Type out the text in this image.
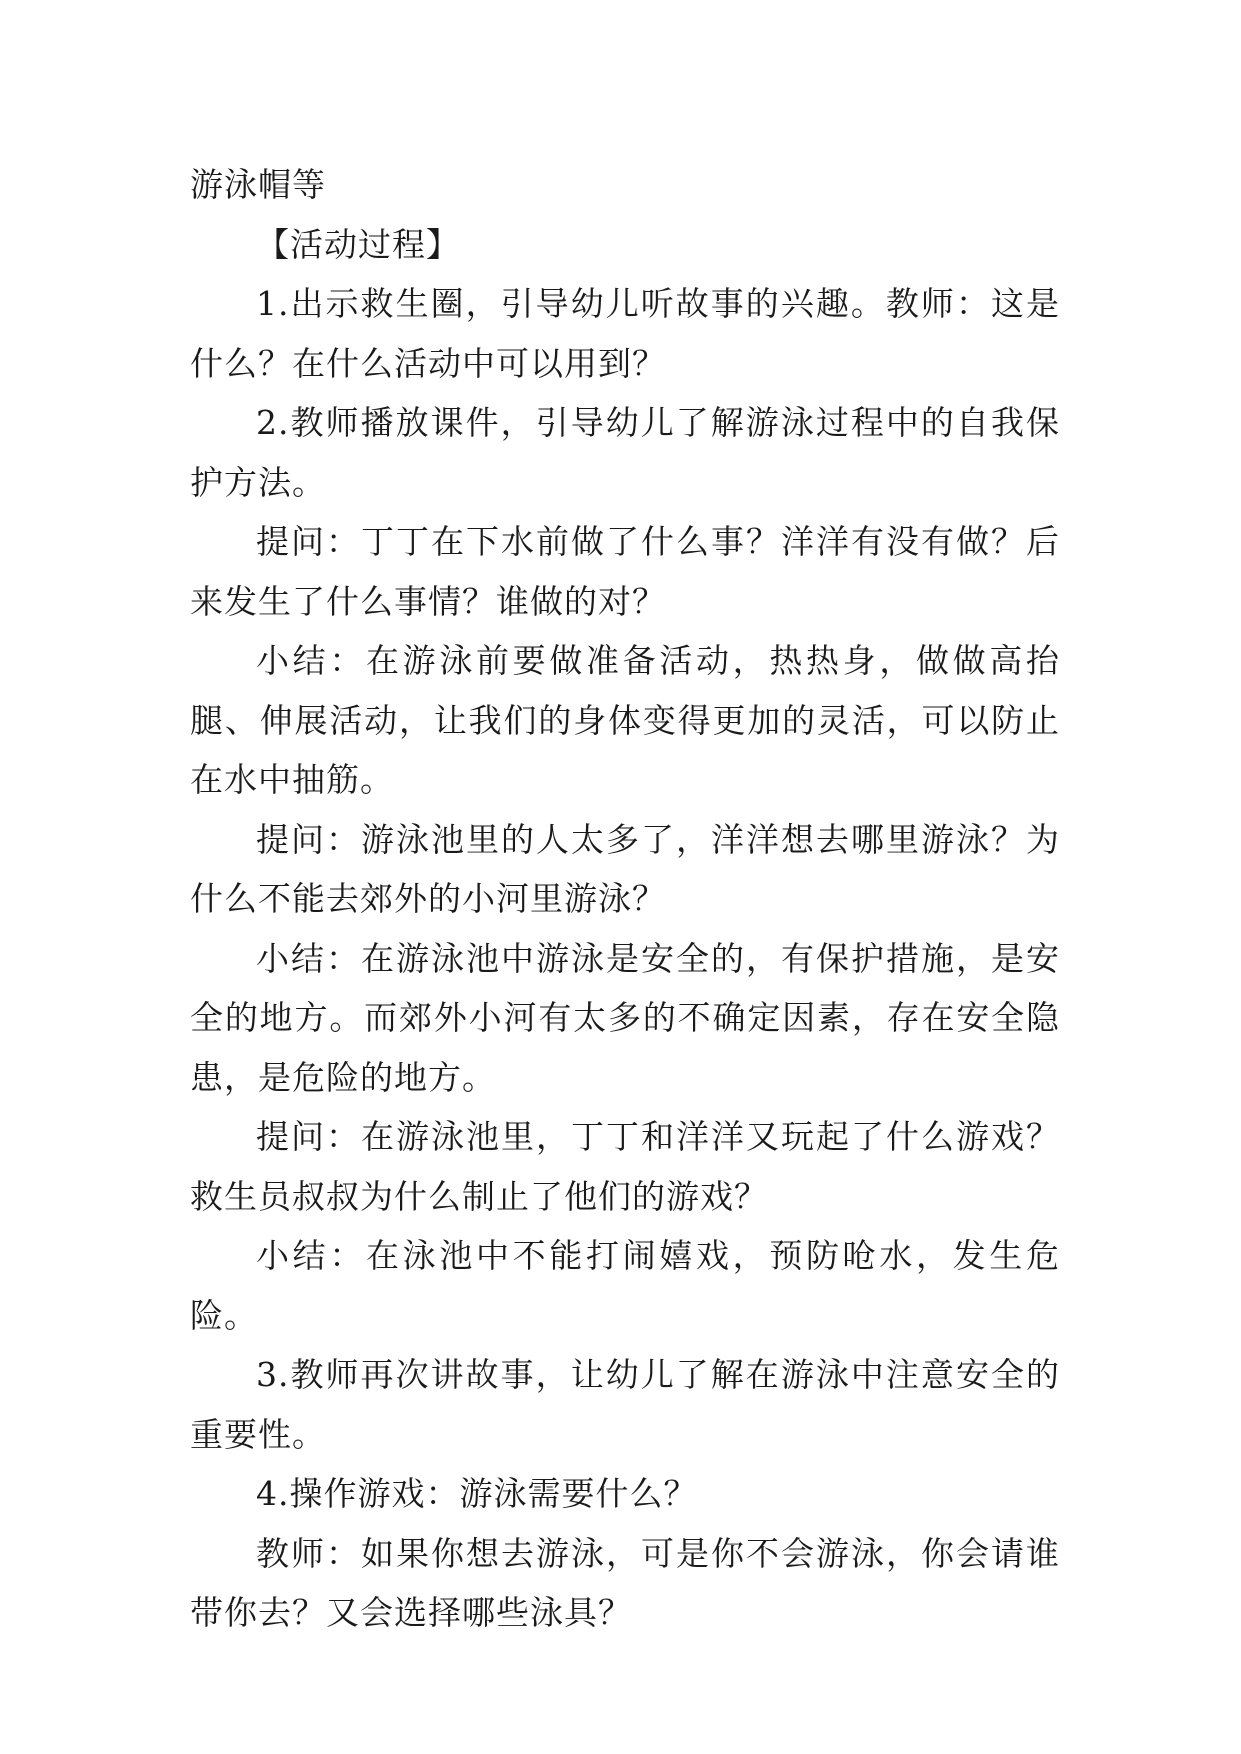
游泳帽等

【活动过程】

1.出示救生圈，引导幼儿听故事的兴趣。教师：这是什么？在什么活动中可以用到？

2.教师播放课件，引导幼儿了解游泳过程中的自我保护方法。

提问：丁丁在下水前做了什么事？洋洋有没有做？后来发生了什么事情？谁做的对？

小结：在游泳前要做准备活动，热热身，做做高抬腿、伸展活动，让我们的身体变得更加的灵活，可以防止在水中抽筋。

提问：游泳池里的人太多了，洋洋想去哪里游泳？为什么不能去郊外的小河里游泳？

小结：在游泳池中游泳是安全的，有保护措施，是安全的地方。而郊外小河有太多的不确定因素，存在安全隐患，是危险的地方。

提问：在游泳池里，丁丁和洋洋又玩起了什么游戏？救生员叔叔为什么制止了他们的游戏？

小结：在泳池中不能打闹嬉戏，预防呛水，发生危险。

3.教师再次讲故事，让幼儿了解在游泳中注意安全的重要性。

4.操作游戏：游泳需要什么？

教师：如果你想去游泳，可是你不会游泳，你会请谁带你去？又会选择哪些泳具？
